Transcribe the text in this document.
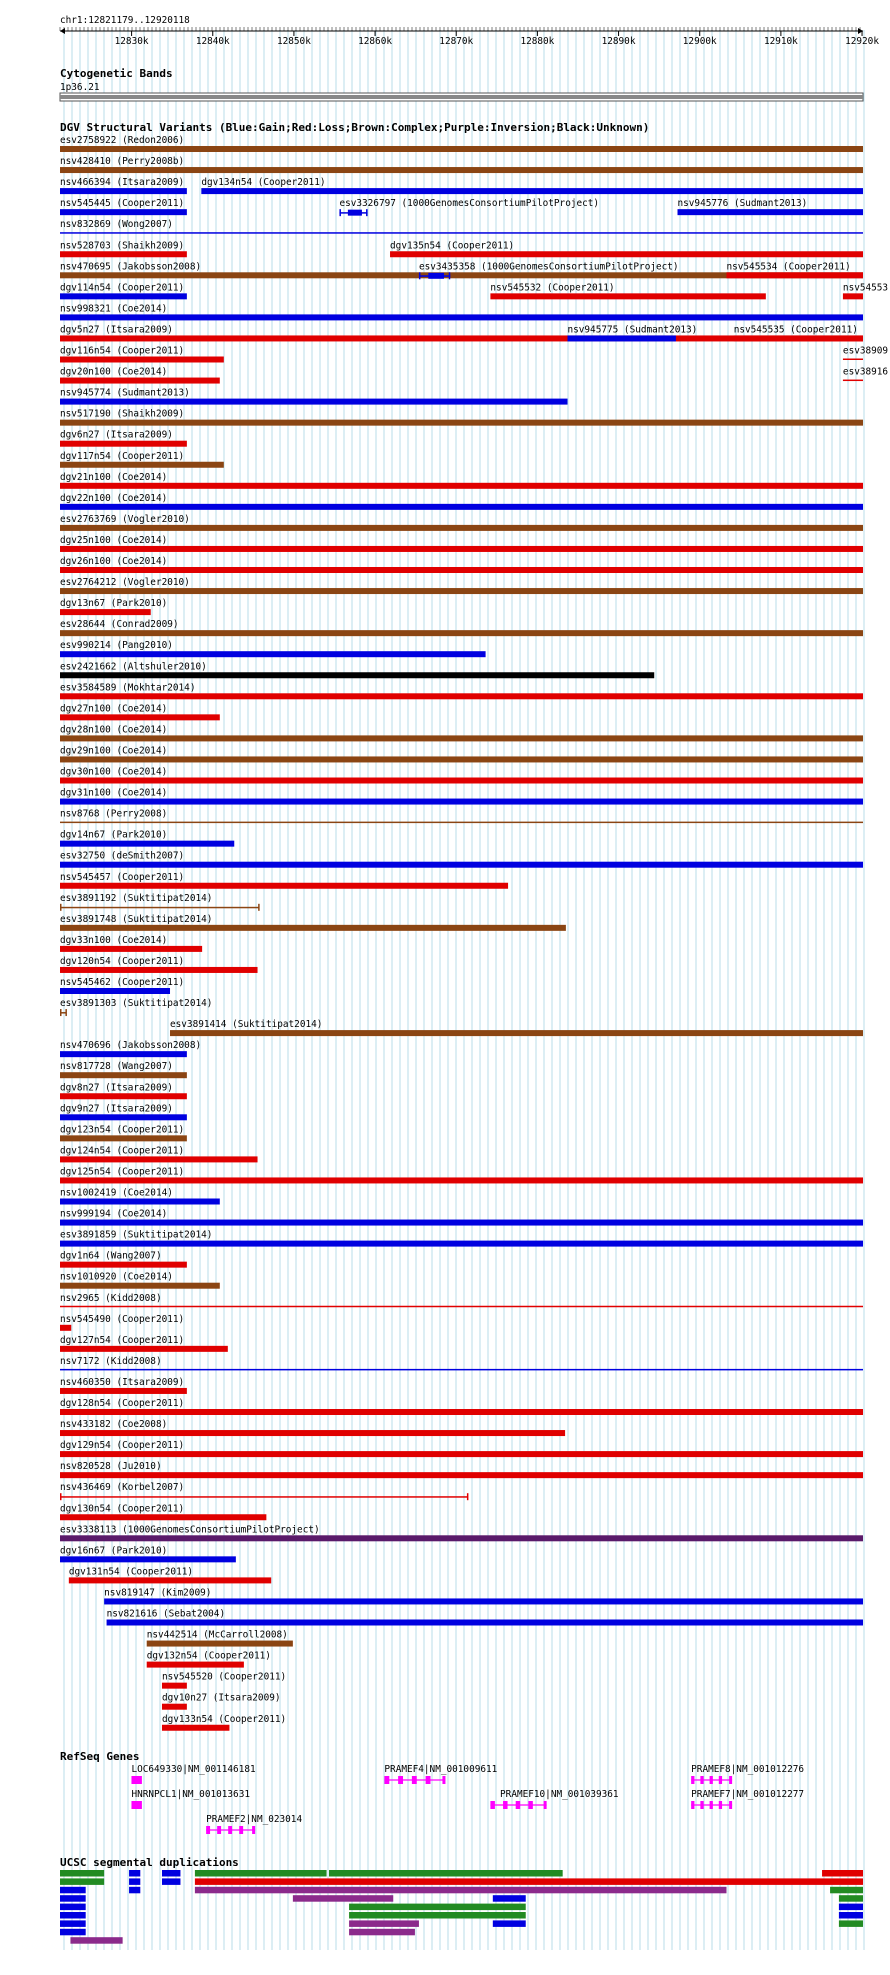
chr1:12821179..12920118
12830k	12840k	12850k	12860k	12870k	12880k	12890k	12900k	12910k	12920k
Cytogenetic Bands
1p36.21
DGV Structural Variants (Blue:Gain;Red:Loss;Brown:Complex;Purple:Inversion;Black:Unknown)
esv2758922 (Redon2006)
nsv428410 (Perry2008b)
nsv466394 (Itsara2009) dgv134n54 (Cooper2011)
nsv545445 (Cooper2011)	esv3326797 (1000GenomesConsortiumPilotProject)	nsv945776 (Sudmant2013)
nsv832869 (Wong2007)
nsv528703 (Shaikh2009)	dgv135n54 (Cooper2011)
nsv470695 (Jakobsson2008)	esv3435358 (1000GenomesConsortiumPilotProject)	nsv545534 (Cooper2011)
dgv114n54 (Cooper2011)	nsv545532 (Cooper2011)	nsv54553
nsv998321 (Coe2014)
dgv5n27 (Itsara2009)	nsv945775 (Sudmant2013)	nsv545535 (Cooper2011)
dgv116n54 (Cooper2011)	esv38909
dgv20n100 (Coe2014)	esv38916
nsv945774 (Sudmant2013)
nsv517190 (Shaikh2009)
dgv6n27 (Itsara2009)
dgv117n54 (Cooper2011)
dgv21n100 (Coe2014)
dgv22n100 (Coe2014)
esv2763769 (Vogler2010)
dgv25n100 (Coe2014)
dgv26n100 (Coe2014)
esv2764212 (Vogler2010)
dgv13n67 (Park2010)
esv28644 (Conrad2009)
esv990214 (Pang2010)
esv2421662 (Altshuler2010)
esv3584589 (Mokhtar2014)
dgv27n100 (Coe2014)
dgv28n100 (Coe2014)
dgv29n100 (Coe2014)
dgv30n100 (Coe2014)
dgv31n100 (Coe2014)
nsv8768 (Perry2008)
dgv14n67 (Park2010)
esv32750 (deSmith2007)
nsv545457 (Cooper2011)
esv3891192 (Suktitipat2014)
esv3891748 (Suktitipat2014)
dgv33n100 (Coe2014)
dgv120n54 (Cooper2011)
nsv545462 (Cooper2011)
esv3891303 (Suktitipat2014)
esv3891414 (Suktitipat2014)
nsv470696 (Jakobsson2008)
nsv817728 (Wang2007)
dgv8n27 (Itsara2009)
dgv9n27 (Itsara2009)
dgv123n54 (Cooper2011)
dgv124n54 (Cooper2011)
dgv125n54 (Cooper2011)
nsv1002419 (Coe2014)
nsv999194 (Coe2014)
esv3891859 (Suktitipat2014)
dgv1n64 (Wang2007)
nsv1010920 (Coe2014)
nsv2965 (Kidd2008)
nsv545490 (Cooper2011)
dgv127n54 (Cooper2011)
nsv7172 (Kidd2008)
nsv460350 (Itsara2009)
dgv128n54 (Cooper2011)
nsv433182 (Coe2008)
dgv129n54 (Cooper2011)
nsv820528 (Ju2010)
nsv436469 (Korbel2007)
dgv130n54 (Cooper2011)
esv3338113 (1000GenomesConsortiumPilotProject)
dgv16n67 (Park2010)
dgv131n54 (Cooper2011)
nsv819147 (Kim2009)
nsv821616 (Sebat2004)
nsv442514 (McCarroll2008)
dgv132n54 (Cooper2011)
nsv545520 (Cooper2011)
dgv10n27 (Itsara2009)
dgv133n54 (Cooper2011)
RefSeq Genes
LOC649330|NM_001146181	PRAMEF4|NM_001009611	PRAMEF8|NM_001012276
HNRNPCL1|NM_001013631	PRAMEF10|NM_001039361	PRAMEF7|NM_001012277
PRAMEF2|NM_023014
UCSC segmental duplications
